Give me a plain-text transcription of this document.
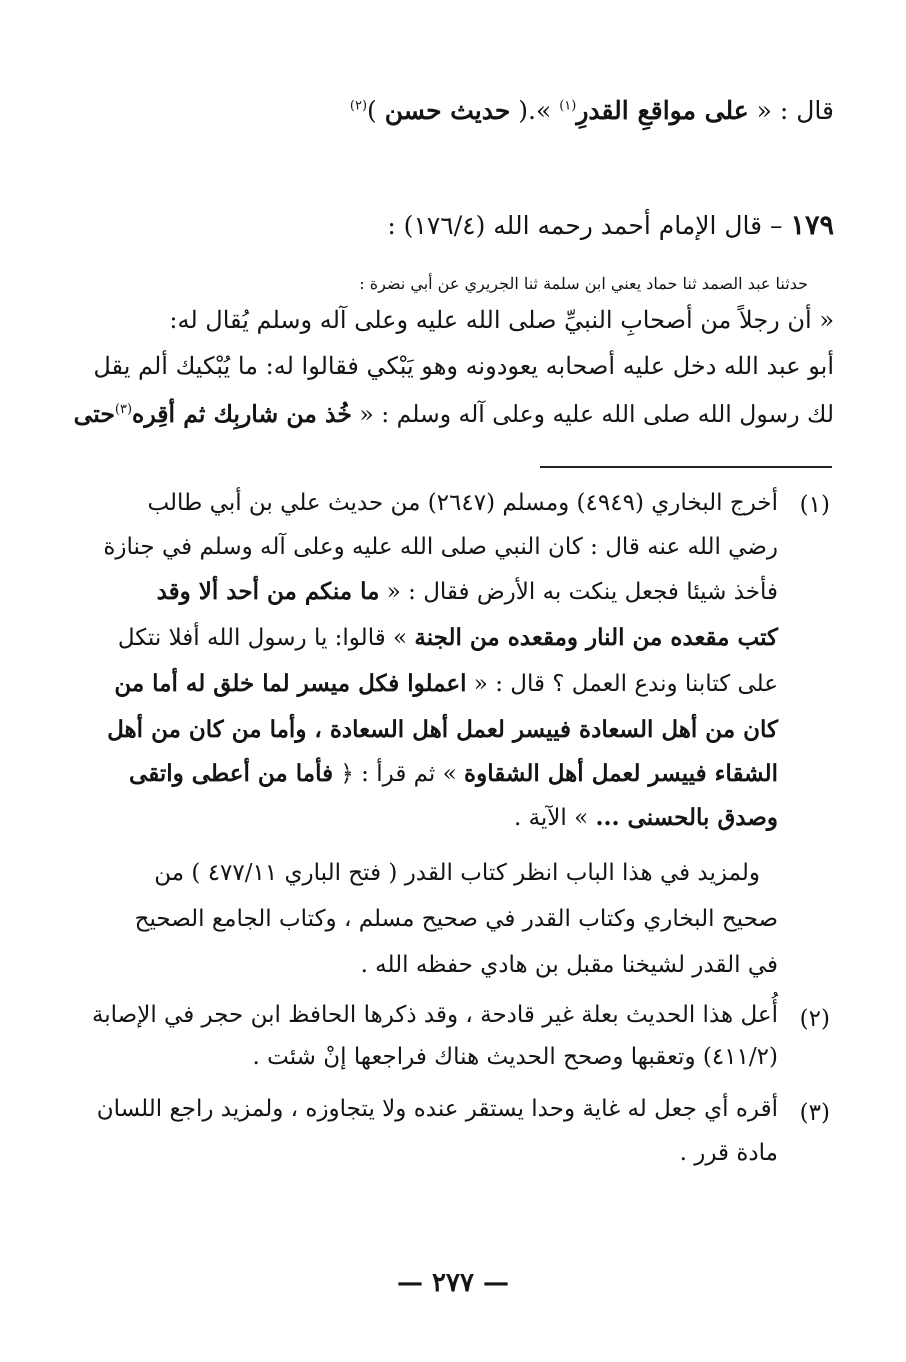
قال : « على مواقعِ القدرِ$^{(١)}$ ».( حديث حسن )$^{(٢)}$
١٧٩ – قال الإمام أحمد رحمه الله (١٧٦/٤) :
حدثنا عبد الصمد ثنا حماد يعني ابن سلمة ثنا الجريري عن أبي نضرة :
« أن رجلاً من أصحابِ النبيِّ صلى الله عليه وعلى آله وسلم يُقال له:
أبو عبد الله دخل عليه أصحابه يعودونه وهو يَبْكي فقالوا له: ما يُبْكيك ألم يقل
لك رسول الله صلى الله عليه وعلى آله وسلم : « خُذ من شاربِك ثم أقِره$^{(٣)}$حتى
(١)
أخرج البخاري (٤٩٤٩) ومسلم (٢٦٤٧) من حديث علي بن أبي طالب
رضي الله عنه قال : كان النبي صلى الله عليه وعلى آله وسلم في جنازة
فأخذ شيئا فجعل ينكت به الأرض فقال : « ما منكم من أحد ألا وقد
كتب مقعده من النار ومقعده من الجنة » قالوا: يا رسول الله أفلا نتكل
على كتابنا وندع العمل ؟ قال : « اعملوا فكل ميسر لما خلق له أما من
كان من أهل السعادة فييسر لعمل أهل السعادة ، وأما من كان من أهل
الشقاء فييسر لعمل أهل الشقاوة » ثم قرأ : ﴿ فأما من أعطى واتقى
وصدق بالحسنى ... » الآية .
ولمزيد في هذا الباب انظر كتاب القدر ( فتح الباري ٤٧٧/١١ ) من
صحيح البخاري وكتاب القدر في صحيح مسلم ، وكتاب الجامع الصحيح
في القدر لشيخنا مقبل بن هادي حفظه الله .
(٢)
أُعل هذا الحديث بعلة غير قادحة ، وقد ذكرها الحافظ ابن حجر في الإصابة
(٤١١/٢) وتعقبها وصحح الحديث هناك فراجعها إنْ شئت .
(٣)
أقره أي جعل له غاية وحدا يستقر عنده ولا يتجاوزه ، ولمزيد راجع اللسان
مادة قرر .
— ٢٧٧ —
